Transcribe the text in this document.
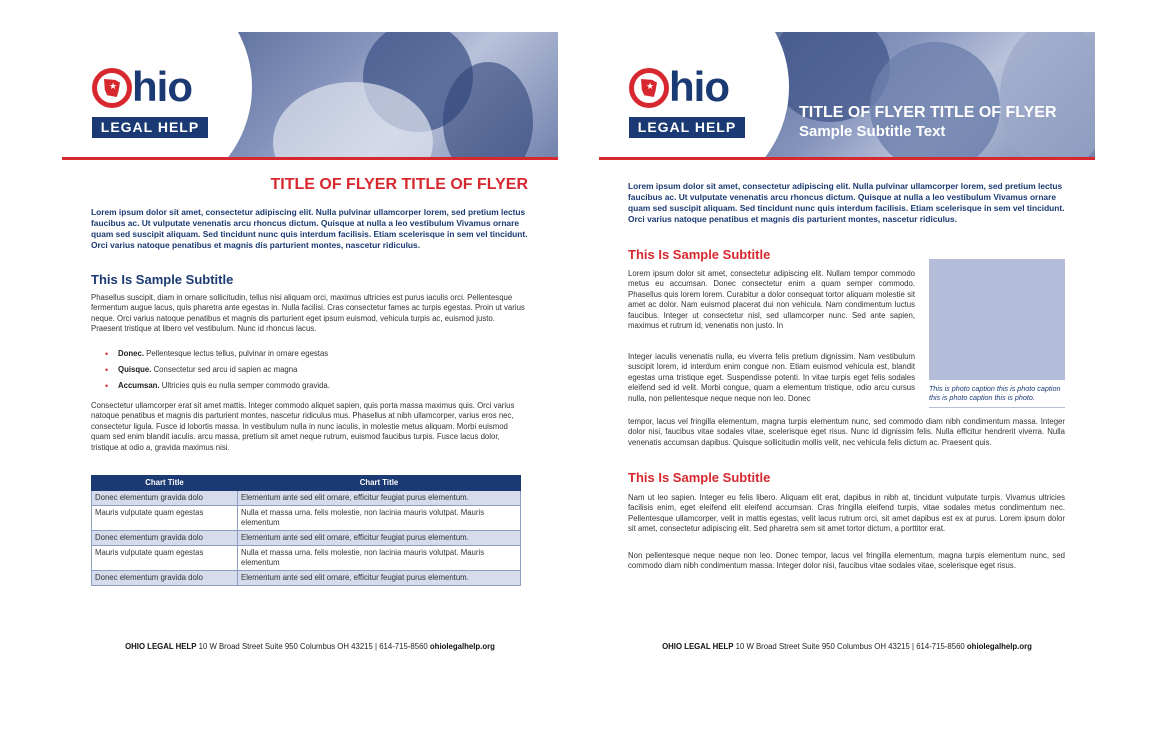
★ hio
LEGAL HELP
TITLE OF FLYER TITLE OF FLYER
Lorem ipsum dolor sit amet, consectetur adipiscing elit. Nulla pulvinar ullamcorper lorem, sed pretium lectus faucibus ac. Ut vulputate venenatis arcu rhoncus dictum. Quisque at nulla a leo vestibulum Vivamus ornare quam sed suscipit aliquam. Sed tincidunt nunc quis interdum facilisis. Etiam scelerisque in sem vel tincidunt. Orci varius natoque penatibus et magnis dis parturient montes, nascetur ridiculus.
This Is Sample Subtitle
Phasellus suscipit, diam in ornare sollicitudin, tellus nisi aliquam orci, maximus ultricies est purus iaculis orci. Pellentesque fermentum augue lacus, quis pharetra ante egestas in. Nulla facilisi. Cras consectetur fames ac turpis egestas. Proin ut varius neque. Orci varius natoque penatibus et magnis dis parturient eget ipsum euismod, vehicula turpis ac, euismod justo. Praesent tristique at libero vel vestibulum. Nunc id rhoncus lacus.
• Donec. Pellentesque lectus tellus, pulvinar in ornare egestas
• Quisque. Consectetur sed arcu id sapien ac magna
• Accumsan. Ultricies quis eu nulla semper commodo gravida.
Consectetur ullamcorper erat sit amet mattis. Integer commodo aliquet sapien, quis porta massa maximus quis. Orci varius natoque penatibus et magnis dis parturient montes, nascetur ridiculus mus. Phasellus at nibh ullamcorper, varius eros nec, consectetur ligula. Fusce id lobortis massa. In vestibulum nulla in nunc iaculis, in molestie metus aliquam. Morbi euismod quam sed enim blandit iaculis. arcu massa, pretium sit amet neque rutrum, euismod faucibus turpis. Fusce lacus dolor, tristique at odio a, gravida maximus nisi.
Chart Title	Chart Title
Donec elementum gravida dolo	Elementum ante sed elit ornare, efficitur feugiat purus elementum.
Mauris vulputate quam egestas	Nulla et massa urna. felis molestie, non lacinia mauris volutpat. Mauris elementum
Donec elementum gravida dolo	Elementum ante sed elit ornare, efficitur feugiat purus elementum.
Mauris vulputate quam egestas	Nulla et massa urna. felis molestie, non lacinia mauris volutpat. Mauris elementum
Donec elementum gravida dolo	Elementum ante sed elit ornare, efficitur feugiat purus elementum.
OHIO LEGAL HELP 10 W Broad Street Suite 950 Columbus OH 43215 | 614-715-8560 ohiolegalhelp.org
★ hio
LEGAL HELP
TITLE OF FLYER TITLE OF FLYER
Sample Subtitle Text
Lorem ipsum dolor sit amet, consectetur adipiscing elit. Nulla pulvinar ullamcorper lorem, sed pretium lectus faucibus ac. Ut vulputate venenatis arcu rhoncus dictum. Quisque at nulla a leo vestibulum Vivamus ornare quam sed suscipit aliquam. Sed tincidunt nunc quis interdum facilisis. Etiam scelerisque in sem vel tincidunt. Orci varius natoque penatibus et magnis dis parturient montes, nascetur ridiculus.
This Is Sample Subtitle
Lorem ipsum dolor sit amet, consectetur adipiscing elit. Nullam tempor commodo metus eu accumsan. Donec consectetur enim a quam semper commodo. Phasellus quis lorem lorem. Curabitur a dolor consequat tortor aliquam molestie sit amet ac dolor. Nam euismod placerat dui non vehicula. Nam condimentum luctus faucibus. Integer ut consectetur nisl, sed ullamcorper nunc. Sed ante sapien, maximus et rutrum id, venenatis non justo. In
Integer iaculis venenatis nulla, eu viverra felis pretium dignissim. Nam vestibulum suscipit lorem, id interdum enim congue non. Etiam euismod vehicula est, blandit egestas urna tristique eget. Suspendisse potenti. In vitae turpis eget felis sodales eleifend sed id velit. Morbi congue, quam a elementum tristique, odio arcu cursus nulla, non pellentesque neque neque non leo. Donec
tempor, lacus vel fringilla elementum, magna turpis elementum nunc, sed commodo diam nibh condimentum massa. Integer dolor nisi, faucibus vitae sodales vitae, scelerisque eget risus. Nunc id dignissim felis. Nulla efficitur hendrerit viverra. Nulla venenatis accumsan dapibus. Quisque sollicitudin mollis velit, nec vehicula felis dictum ac. Praesent quis.
This is photo caption this is photo caption this is photo caption this is photo.
This Is Sample Subtitle
Nam ut leo sapien. Integer eu felis libero. Aliquam elit erat, dapibus in nibh at, tincidunt vulputate turpis. Vivamus ultricies facilisis enim, eget eleifend elit eleifend accumsan. Cras fringilla eleifend turpis, vitae sodales metus condimentum nec. Pellentesque ullamcorper, velit in mattis egestas, velit lacus rutrum orci, sit amet dapibus est ex at purus. Lorem ipsum dolor sit amet, consectetur adipiscing elit. Sed pharetra sem sit amet tortor dictum, a porttitor erat.
Non pellentesque neque neque non leo. Donec tempor, lacus vel fringilla elementum, magna turpis elementum nunc, sed commodo diam nibh condimentum massa. Integer dolor nisi, faucibus vitae sodales vitae, scelerisque eget risus.
OHIO LEGAL HELP 10 W Broad Street Suite 950 Columbus OH 43215 | 614-715-8560 ohiolegalhelp.org
